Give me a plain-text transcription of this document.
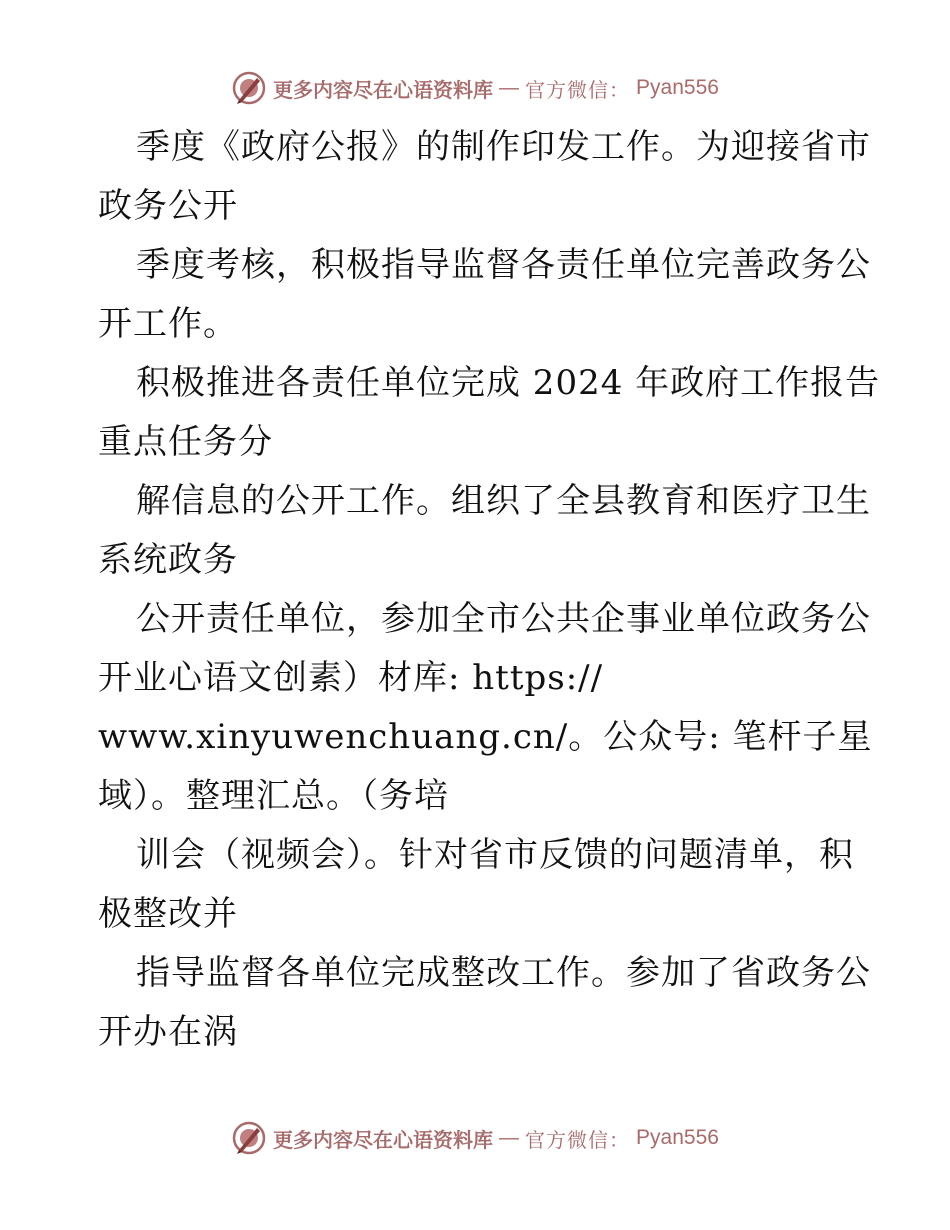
更多内容尽在心语资料库 — 官方微信： Pyan556
季度《政府公报》的制作印发工作。为迎接省市
政务公开
季度考核，积极指导监督各责任单位完善政务公
开工作。
积极推进各责任单位完成 2024 年政府工作报告
重点任务分
解信息的公开工作。组织了全县教育和医疗卫生
系统政务
公开责任单位，参加全市公共企事业单位政务公
开业心语文创素）材库: https://
www.xinyuwenchuang.cn/。公众号: 笔杆子星
域）。整理汇总。（务培
训会（视频会）。针对省市反馈的问题清单，积
极整改并
指导监督各单位完成整改工作。参加了省政务公
开办在涡
更多内容尽在心语资料库 — 官方微信： Pyan556
